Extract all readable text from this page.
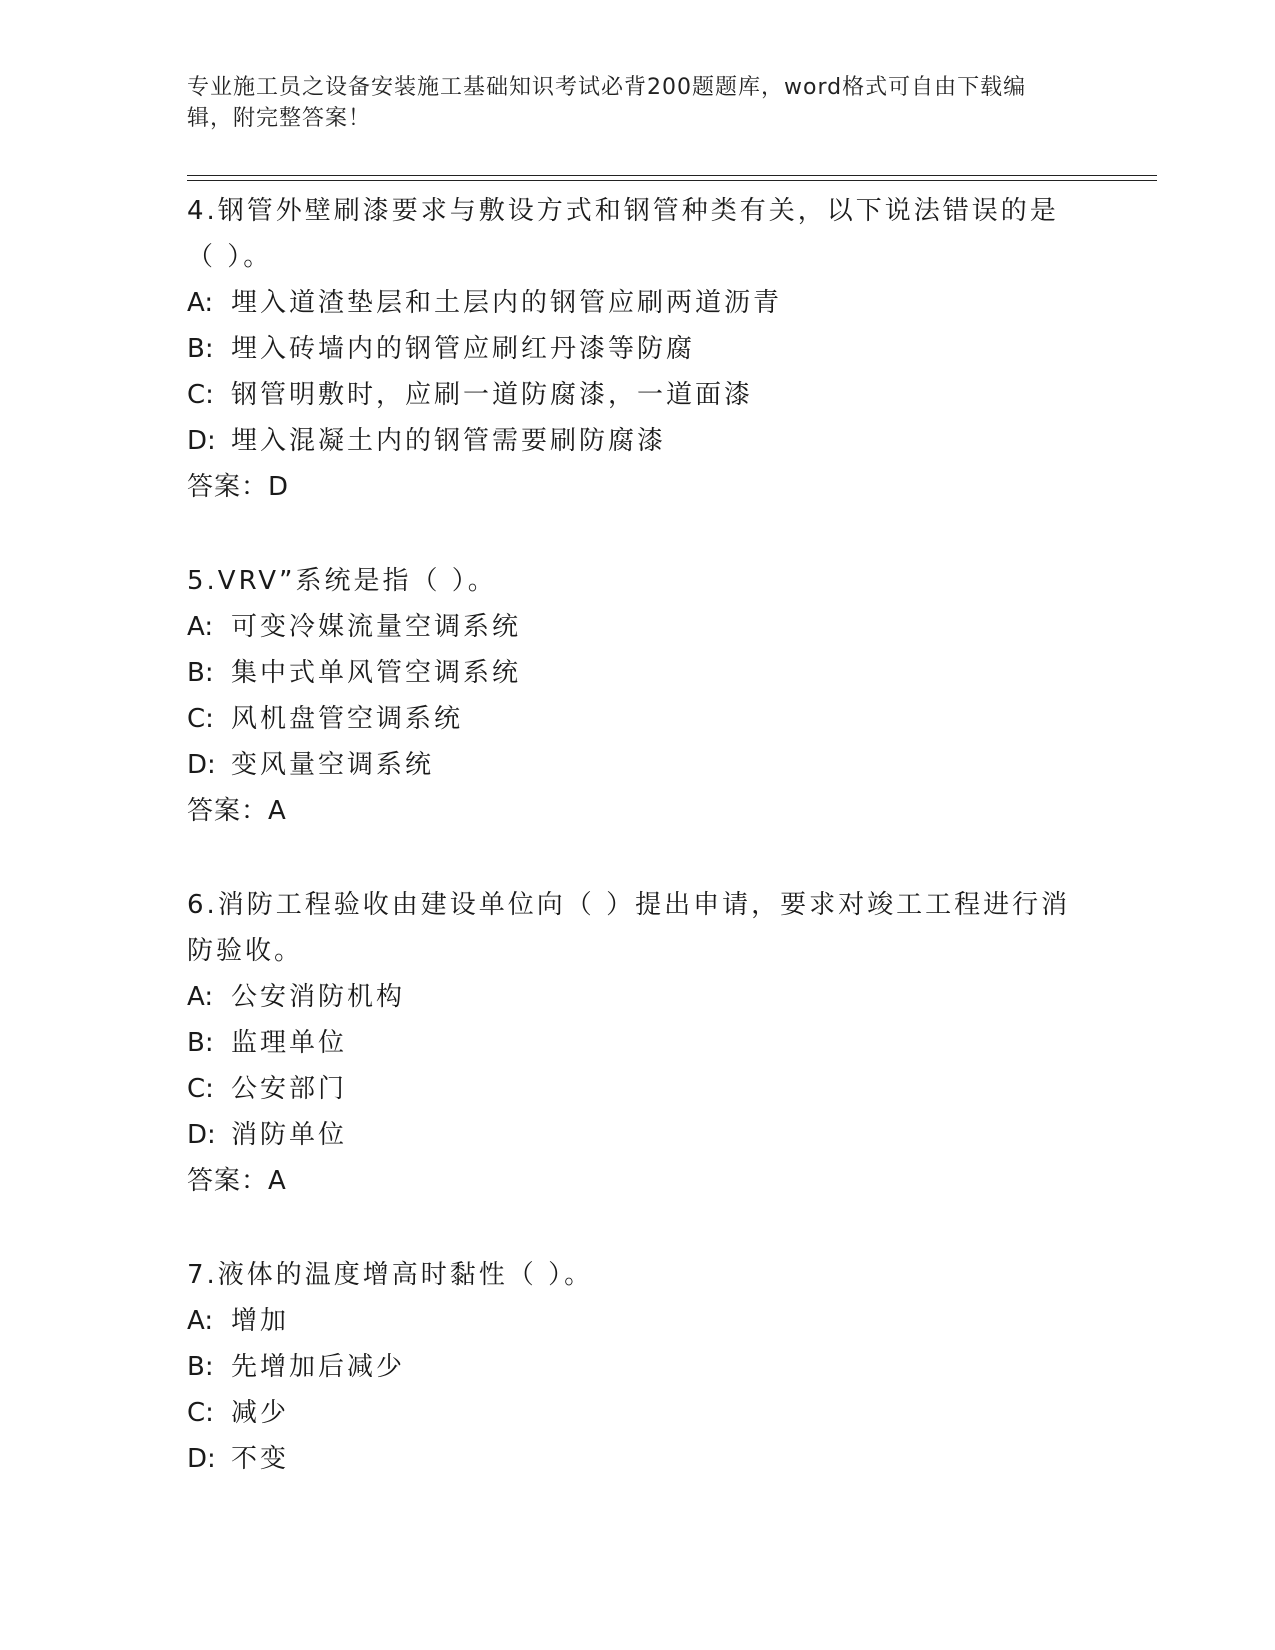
专业施工员之设备安装施工基础知识考试必背200题题库，word格式可自由下载编辑，附完整答案！

4.钢管外壁刷漆要求与敷设方式和钢管种类有关，以下说法错误的是（ ）。

A: 埋入道渣垫层和土层内的钢管应刷两道沥青

B: 埋入砖墙内的钢管应刷红丹漆等防腐

C: 钢管明敷时，应刷一道防腐漆，一道面漆

D: 埋入混凝土内的钢管需要刷防腐漆

答案：D

5.VRV”系统是指（ ）。

A: 可变冷媒流量空调系统

B: 集中式单风管空调系统

C: 风机盘管空调系统

D: 变风量空调系统

答案：A

6.消防工程验收由建设单位向（ ）提出申请，要求对竣工工程进行消防验收。

A: 公安消防机构

B: 监理单位

C: 公安部门

D: 消防单位

答案：A

7.液体的温度增高时黏性（ ）。

A: 增加

B: 先增加后减少

C: 减少

D: 不变
